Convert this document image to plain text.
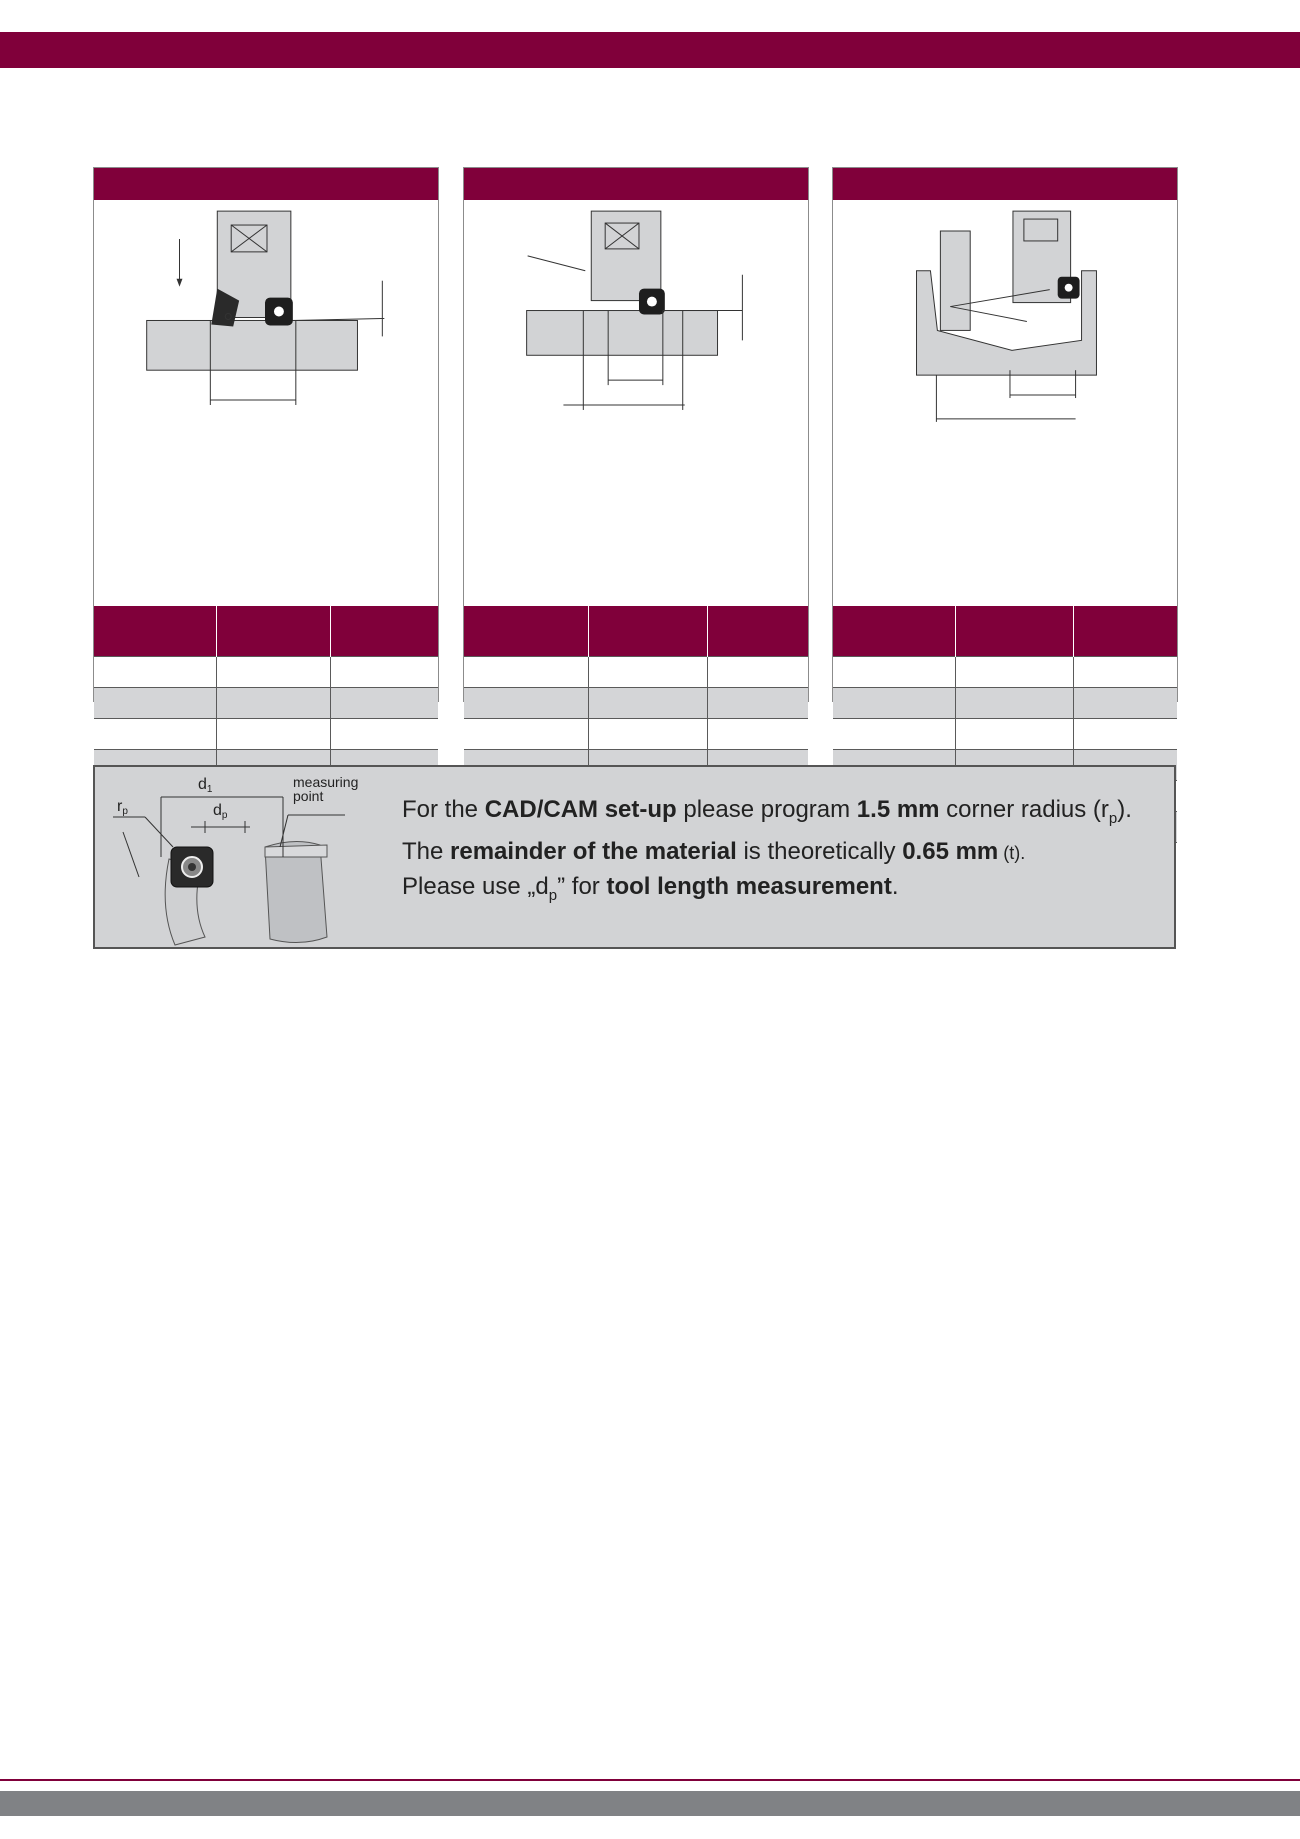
d1
dp
rp
measuring
point	For the CAD/CAM set-up please program 1.5 mm corner radius $(r_p)$.
The remainder of the material is theoretically 0.65 mm (t).
Please use $„d_p$” for tool length measurement.
